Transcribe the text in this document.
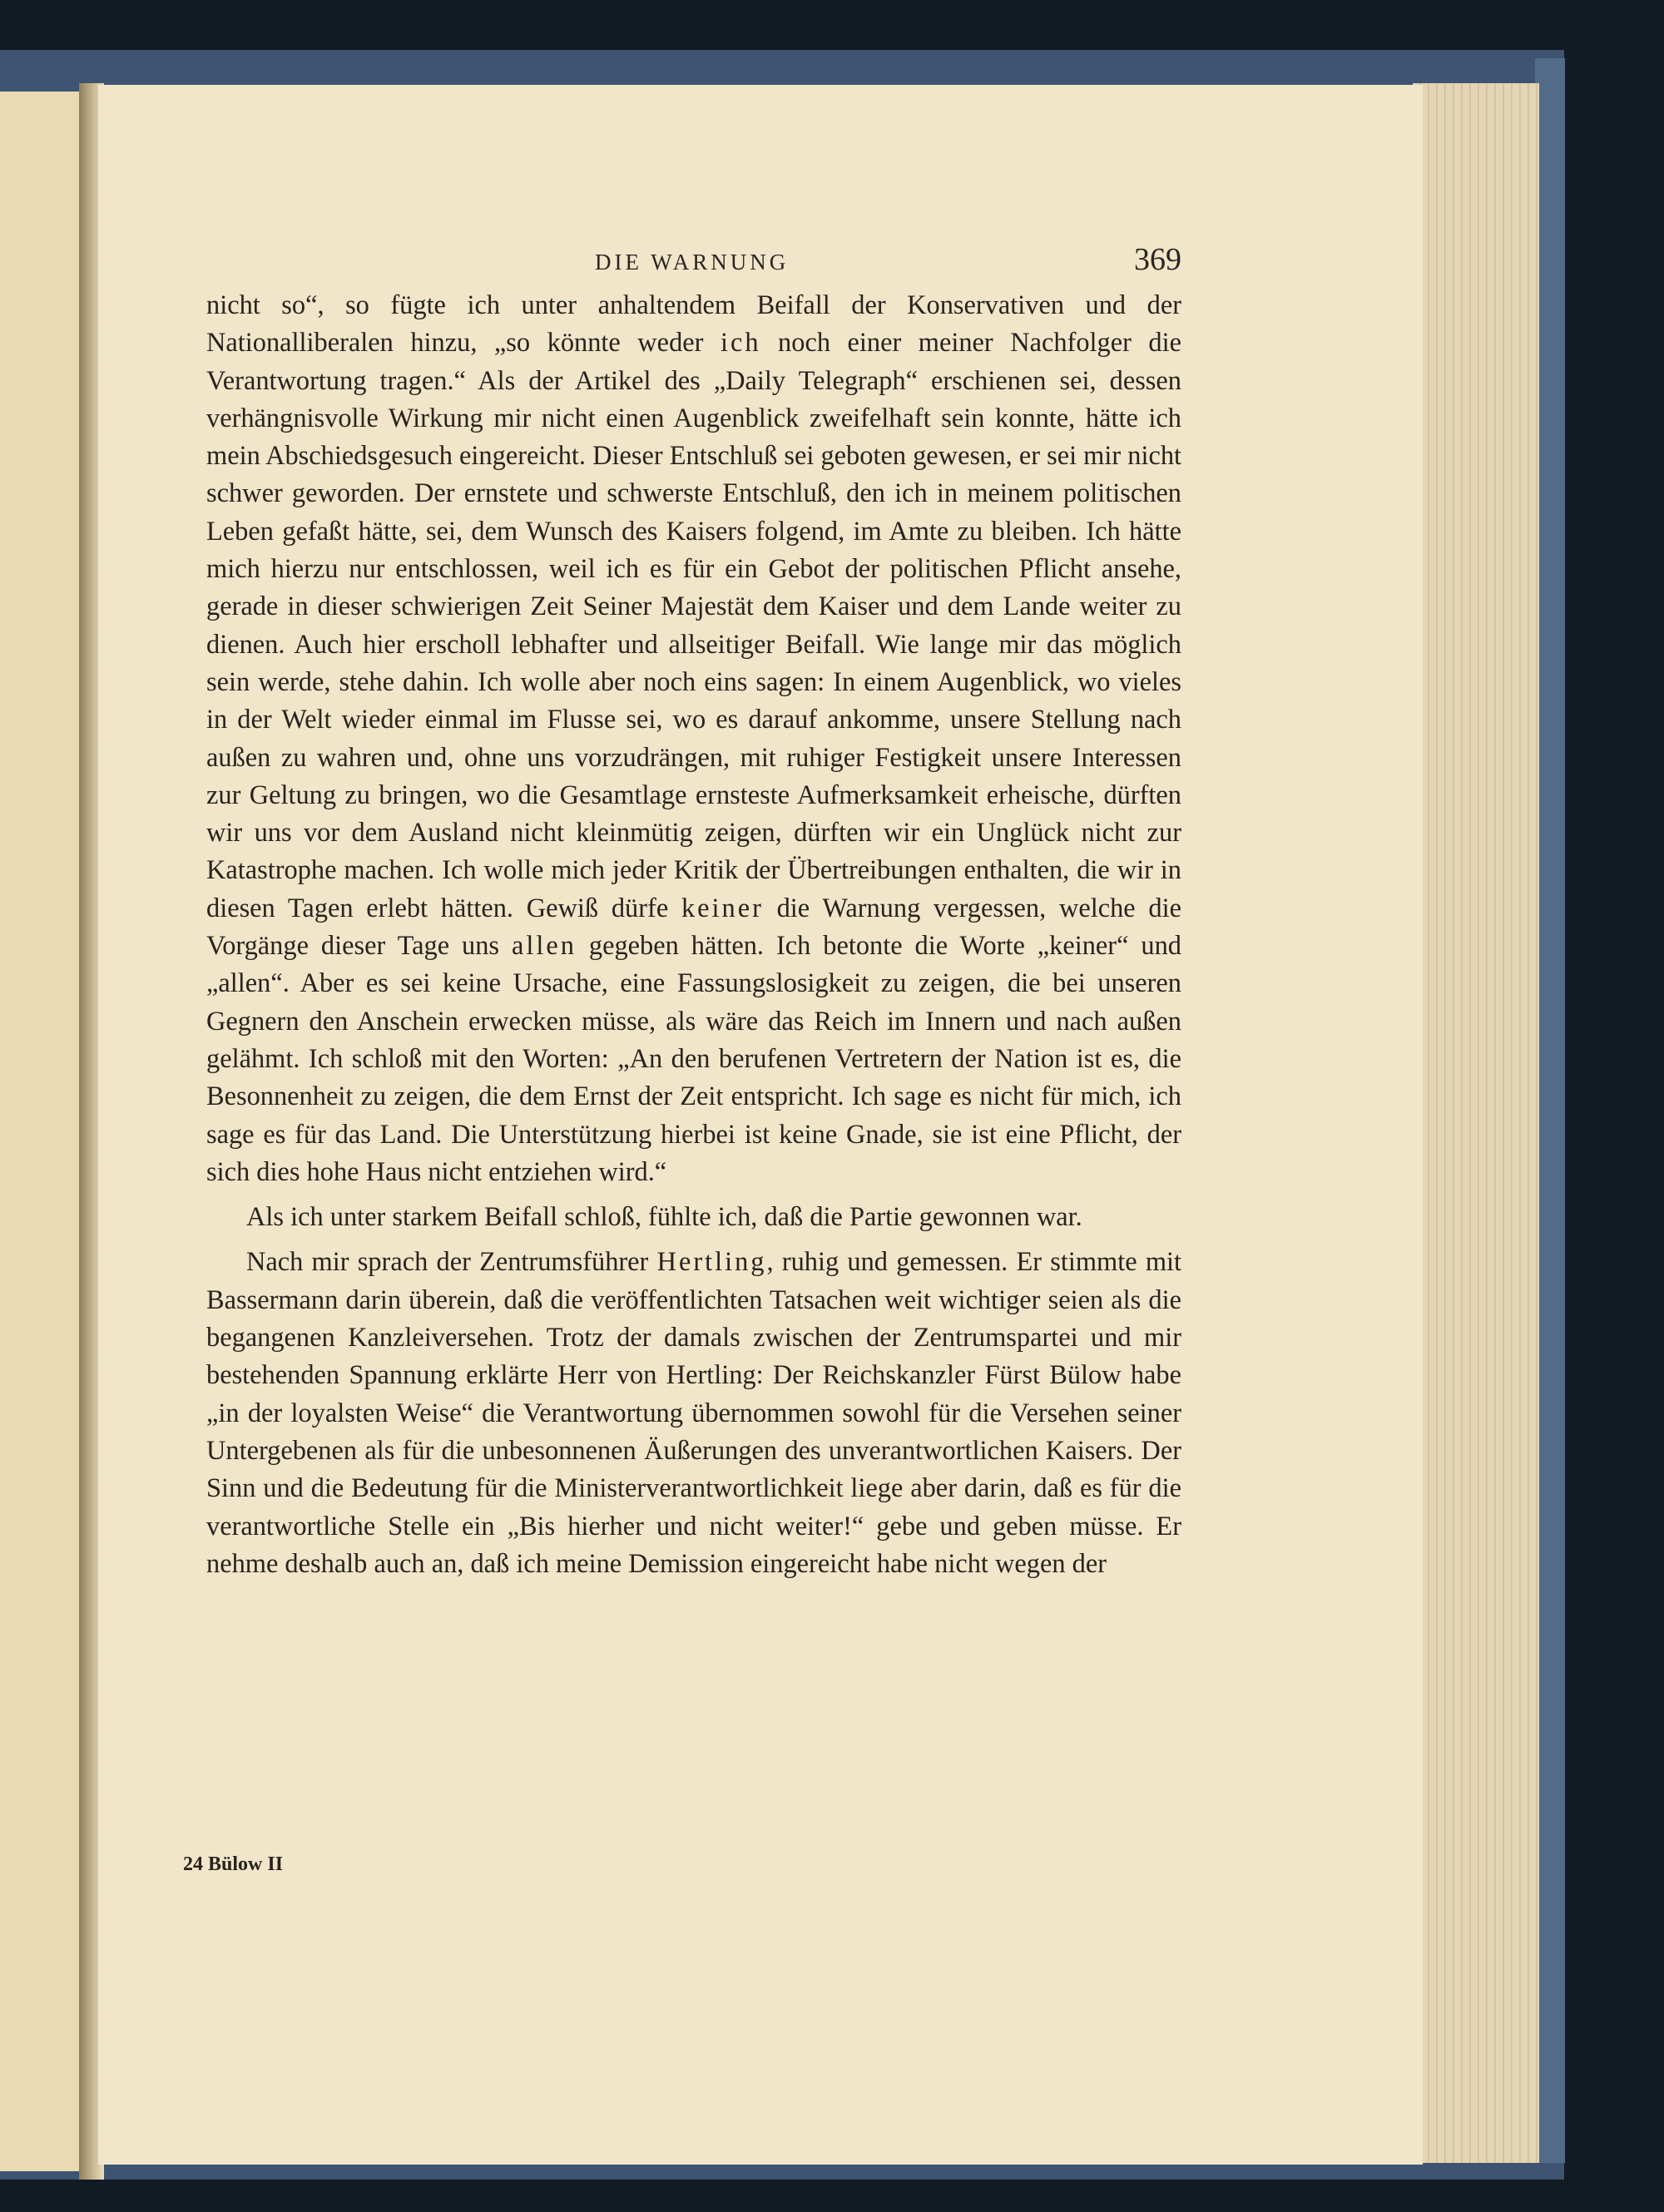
DIE WARNUNG	369

nicht so“, so fügte ich unter anhaltendem Beifall der Konservativen und der Nationalliberalen hinzu, „so könnte weder ich noch einer meiner Nachfolger die Verantwortung tragen.“ Als der Artikel des „Daily Telegraph“ erschienen sei, dessen verhängnisvolle Wirkung mir nicht einen Augenblick zweifelhaft sein konnte, hätte ich mein Abschiedsgesuch eingereicht. Dieser Entschluß sei geboten gewesen, er sei mir nicht schwer geworden. Der ernstete und schwerste Entschluß, den ich in meinem politischen Leben gefaßt hätte, sei, dem Wunsch des Kaisers folgend, im Amte zu bleiben. Ich hätte mich hierzu nur entschlossen, weil ich es für ein Gebot der politischen Pflicht ansehe, gerade in dieser schwierigen Zeit Seiner Majestät dem Kaiser und dem Lande weiter zu dienen. Auch hier erscholl lebhafter und allseitiger Beifall. Wie lange mir das möglich sein werde, stehe dahin. Ich wolle aber noch eins sagen: In einem Augenblick, wo vieles in der Welt wieder einmal im Flusse sei, wo es darauf ankomme, unsere Stellung nach außen zu wahren und, ohne uns vorzudrängen, mit ruhiger Festigkeit unsere Interessen zur Geltung zu bringen, wo die Gesamtlage ernsteste Aufmerksamkeit erheische, dürften wir uns vor dem Ausland nicht kleinmütig zeigen, dürften wir ein Unglück nicht zur Katastrophe machen. Ich wolle mich jeder Kritik der Übertreibungen enthalten, die wir in diesen Tagen erlebt hätten. Gewiß dürfe keiner die Warnung vergessen, welche die Vorgänge dieser Tage uns allen gegeben hätten. Ich betonte die Worte „keiner“ und „allen“. Aber es sei keine Ursache, eine Fassungslosigkeit zu zeigen, die bei unseren Gegnern den Anschein erwecken müsse, als wäre das Reich im Innern und nach außen gelähmt. Ich schloß mit den Worten: „An den berufenen Vertretern der Nation ist es, die Besonnenheit zu zeigen, die dem Ernst der Zeit entspricht. Ich sage es nicht für mich, ich sage es für das Land. Die Unterstützung hierbei ist keine Gnade, sie ist eine Pflicht, der sich dies hohe Haus nicht entziehen wird.“

Als ich unter starkem Beifall schloß, fühlte ich, daß die Partie gewonnen war.

Nach mir sprach der Zentrumsführer Hertling, ruhig und gemessen. Er stimmte mit Bassermann darin überein, daß die veröffentlichten Tatsachen weit wichtiger seien als die begangenen Kanzleiversehen. Trotz der damals zwischen der Zentrumspartei und mir bestehenden Spannung erklärte Herr von Hertling: Der Reichskanzler Fürst Bülow habe „in der loyalsten Weise“ die Verantwortung übernommen sowohl für die Versehen seiner Untergebenen als für die unbesonnenen Äußerungen des unverantwortlichen Kaisers. Der Sinn und die Bedeutung für die Ministerverantwortlichkeit liege aber darin, daß es für die verantwortliche Stelle ein „Bis hierher und nicht weiter!“ gebe und geben müsse. Er nehme deshalb auch an, daß ich meine Demission eingereicht habe nicht wegen der

24 Bülow II
